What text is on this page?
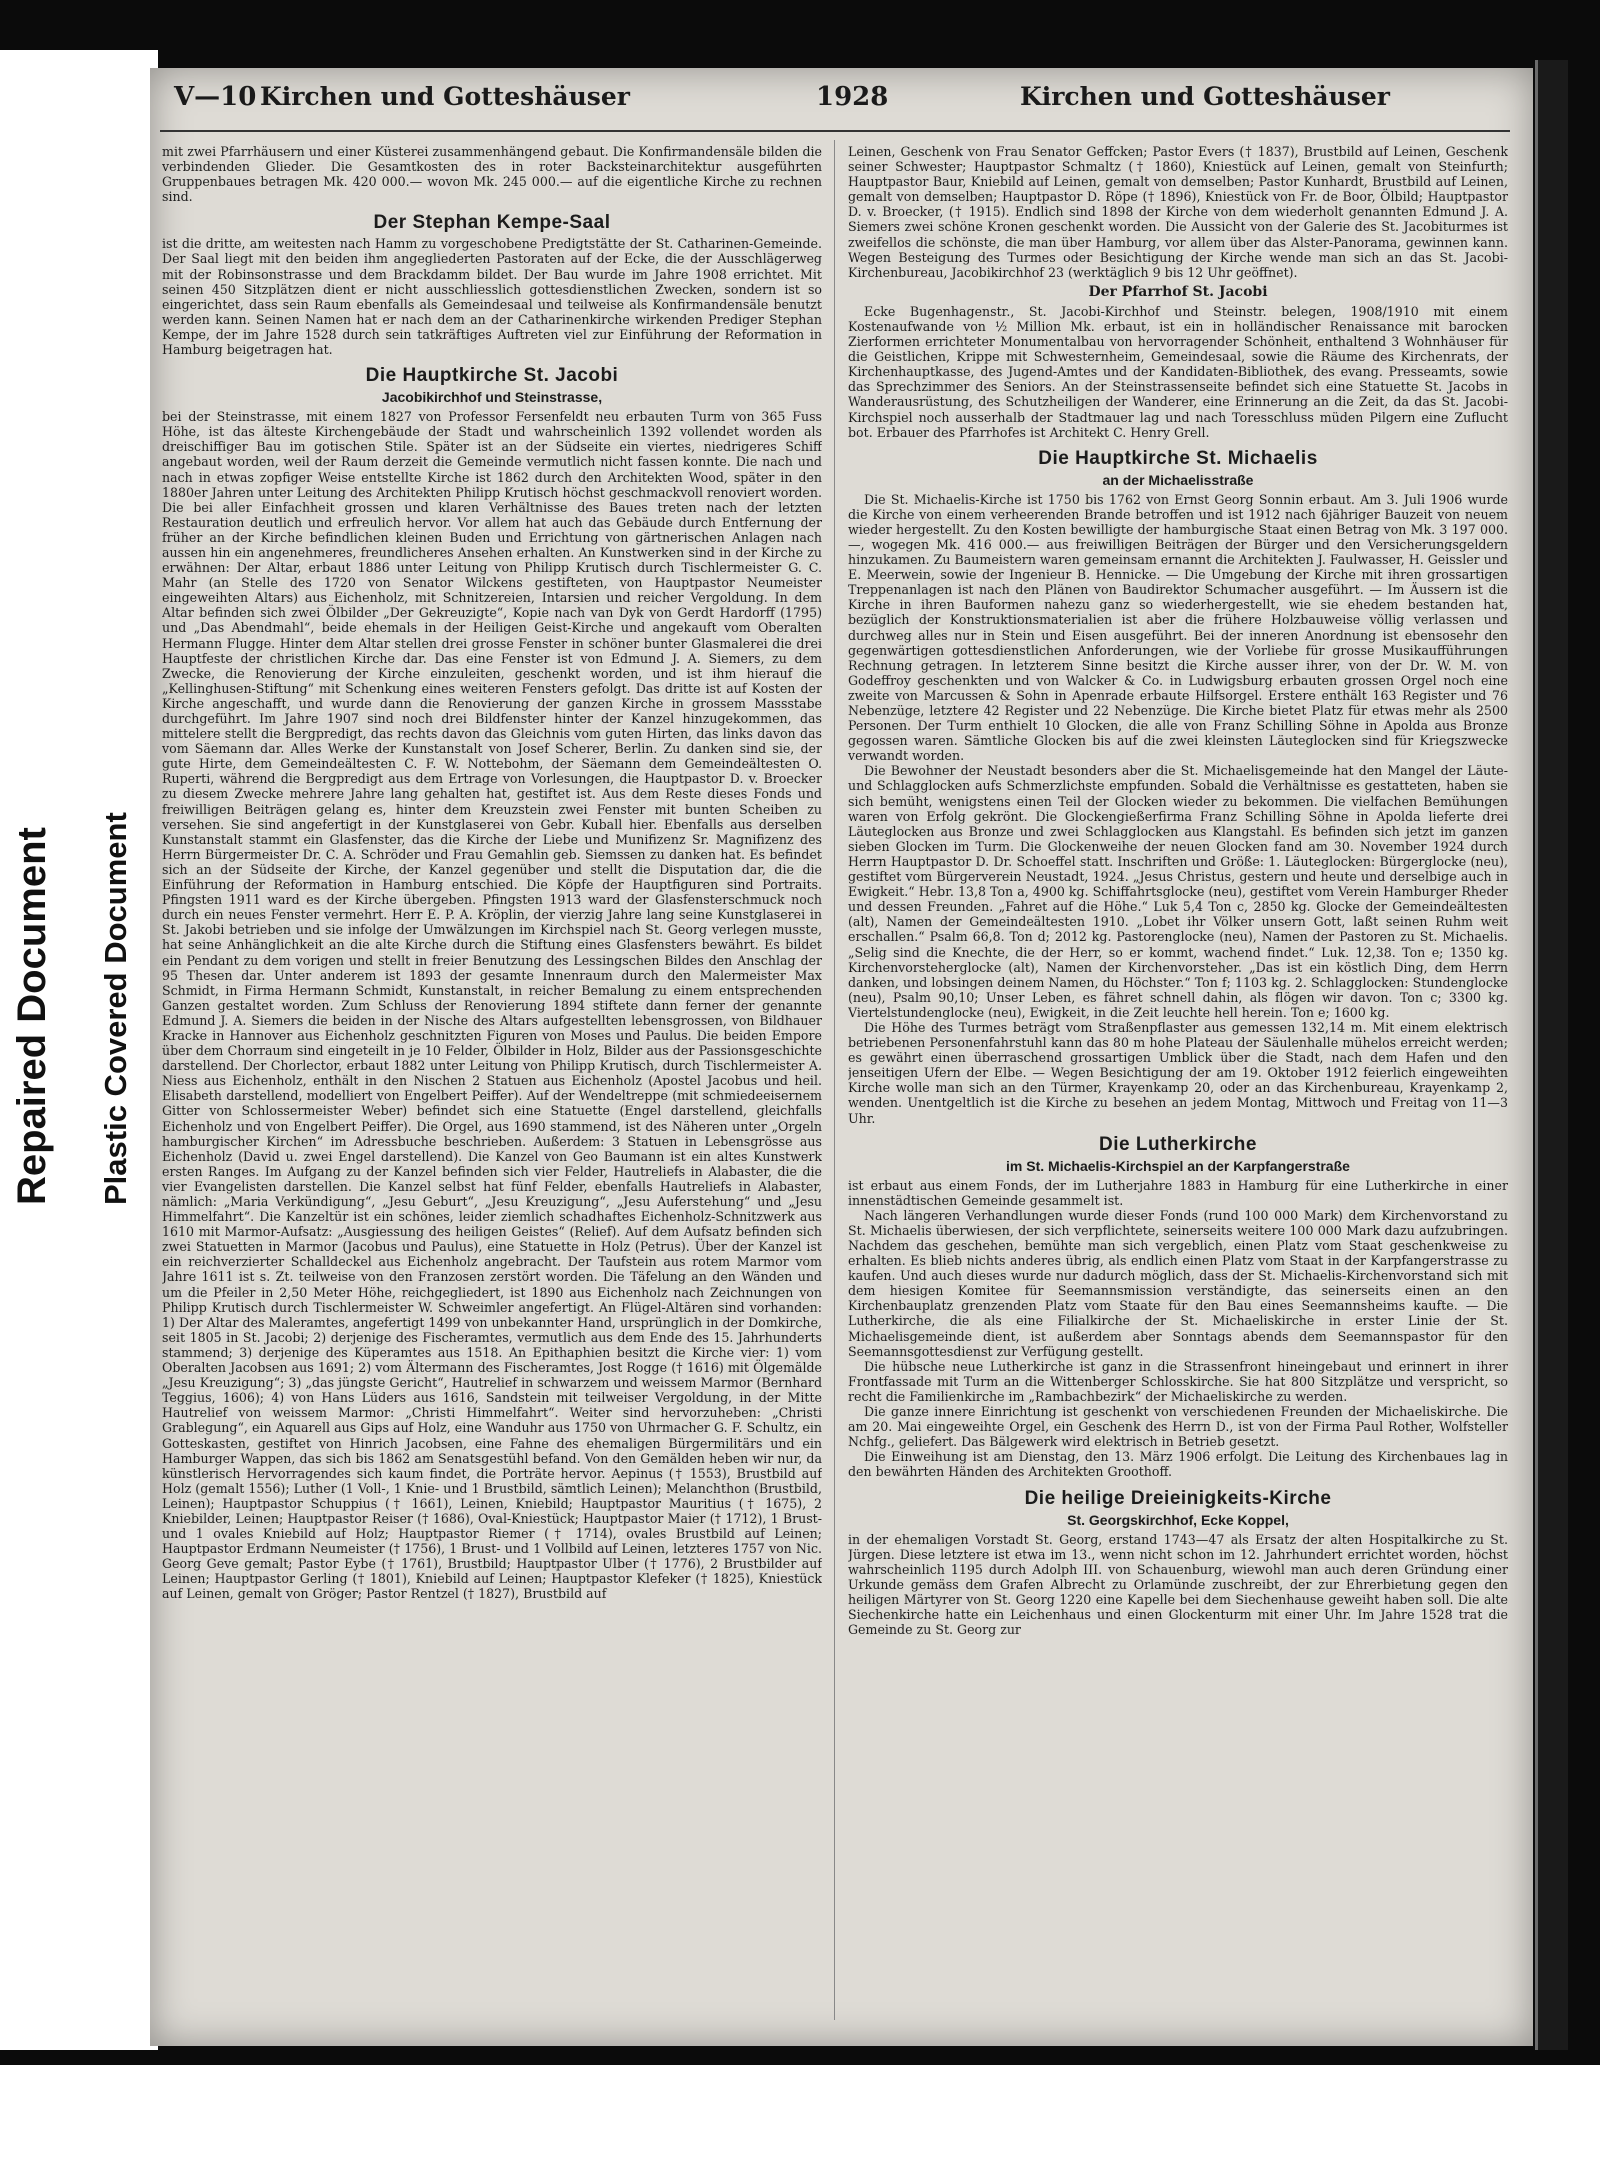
Repaired Document Plastic Covered Document
V—10 Kirchen und Gotteshäuser	1928	Kirchen und Gotteshäuser

mit zwei Pfarrhäusern und einer Küsterei zusammenhängend gebaut. Die Konfirmandensäle bilden die verbindenden Glieder. Die Gesamtkosten des in roter Backsteinarchitektur ausgeführten Gruppenbaues betragen Mk. 420 000.— wovon Mk. 245 000.— auf die eigentliche Kirche zu rechnen sind.

Der Stephan Kempe-Saal

ist die dritte, am weitesten nach Hamm zu vorgeschobene Predigtstätte der St. Catharinen-Gemeinde. Der Saal liegt mit den beiden ihm angegliederten Pastoraten auf der Ecke, die der Ausschlägerweg mit der Robinsonstrasse und dem Brackdamm bildet. Der Bau wurde im Jahre 1908 errichtet. Mit seinen 450 Sitzplätzen dient er nicht ausschliesslich gottesdienstlichen Zwecken, sondern ist so eingerichtet, dass sein Raum ebenfalls als Gemeindesaal und teilweise als Konfirmandensäle benutzt werden kann. Seinen Namen hat er nach dem an der Catharinenkirche wirkenden Prediger Stephan Kempe, der im Jahre 1528 durch sein tatkräftiges Auftreten viel zur Einführung der Reformation in Hamburg beigetragen hat.

Die Hauptkirche St. Jacobi
Jacobikirchhof und Steinstrasse,

bei der Steinstrasse, mit einem 1827 von Professor Fersenfeldt neu erbauten Turm von 365 Fuss Höhe, ist das älteste Kirchengebäude der Stadt und wahrscheinlich 1392 vollendet worden als dreischiffiger Bau im gotischen Stile. Später ist an der Südseite ein viertes, niedrigeres Schiff angebaut worden, weil der Raum derzeit die Gemeinde vermutlich nicht fassen konnte. Die nach und nach in etwas zopfiger Weise entstellte Kirche ist 1862 durch den Architekten Wood, später in den 1880er Jahren unter Leitung des Architekten Philipp Krutisch höchst geschmackvoll renoviert worden. Die bei aller Einfachheit grossen und klaren Verhältnisse des Baues treten nach der letzten Restauration deutlich und erfreulich hervor. Vor allem hat auch das Gebäude durch Entfernung der früher an der Kirche befindlichen kleinen Buden und Errichtung von gärtnerischen Anlagen nach aussen hin ein angenehmeres, freundlicheres Ansehen erhalten. An Kunstwerken sind in der Kirche zu erwähnen: Der Altar, erbaut 1886 unter Leitung von Philipp Krutisch durch Tischlermeister G. C. Mahr (an Stelle des 1720 von Senator Wilckens gestifteten, von Hauptpastor Neumeister eingeweihten Altars) aus Eichenholz, mit Schnitzereien, Intarsien und reicher Vergoldung. In dem Altar befinden sich zwei Ölbilder „Der Gekreuzigte“, Kopie nach van Dyk von Gerdt Hardorff (1795) und „Das Abendmahl“, beide ehemals in der Heiligen Geist-Kirche und angekauft vom Oberalten Hermann Flugge. Hinter dem Altar stellen drei grosse Fenster in schöner bunter Glasmalerei die drei Hauptfeste der christlichen Kirche dar. Das eine Fenster ist von Edmund J. A. Siemers, zu dem Zwecke, die Renovierung der Kirche einzuleiten, geschenkt worden, und ist ihm hierauf die „Kellinghusen-Stiftung“ mit Schenkung eines weiteren Fensters gefolgt. Das dritte ist auf Kosten der Kirche angeschafft, und wurde dann die Renovierung der ganzen Kirche in grossem Massstabe durchgeführt. Im Jahre 1907 sind noch drei Bildfenster hinter der Kanzel hinzugekommen, das mittelere stellt die Bergpredigt, das rechts davon das Gleichnis vom guten Hirten, das links davon das vom Säemann dar. Alles Werke der Kunstanstalt von Josef Scherer, Berlin. Zu danken sind sie, der gute Hirte, dem Gemeindeältesten C. F. W. Nottebohm, der Säemann dem Gemeindeältesten O. Ruperti, während die Bergpredigt aus dem Ertrage von Vorlesungen, die Hauptpastor D. v. Broecker zu diesem Zwecke mehrere Jahre lang gehalten hat, gestiftet ist. Aus dem Reste dieses Fonds und freiwilligen Beiträgen gelang es, hinter dem Kreuzstein zwei Fenster mit bunten Scheiben zu versehen. Sie sind angefertigt in der Kunstglaserei von Gebr. Kuball hier. Ebenfalls aus derselben Kunstanstalt stammt ein Glasfenster, das die Kirche der Liebe und Munifizenz Sr. Magnifizenz des Herrn Bürgermeister Dr. C. A. Schröder und Frau Gemahlin geb. Siemssen zu danken hat. Es befindet sich an der Südseite der Kirche, der Kanzel gegenüber und stellt die Disputation dar, die die Einführung der Reformation in Hamburg entschied. Die Köpfe der Hauptfiguren sind Portraits. Pfingsten 1911 ward es der Kirche übergeben. Pfingsten 1913 ward der Glasfensterschmuck noch durch ein neues Fenster vermehrt. Herr E. P. A. Kröplin, der vierzig Jahre lang seine Kunstglaserei in St. Jakobi betrieben und sie infolge der Umwälzungen im Kirchspiel nach St. Georg verlegen musste, hat seine Anhänglichkeit an die alte Kirche durch die Stiftung eines Glasfensters bewährt. Es bildet ein Pendant zu dem vorigen und stellt in freier Benutzung des Lessingschen Bildes den Anschlag der 95 Thesen dar. Unter anderem ist 1893 der gesamte Innenraum durch den Malermeister Max Schmidt, in Firma Hermann Schmidt, Kunstanstalt, in reicher Bemalung zu einem entsprechenden Ganzen gestaltet worden. Zum Schluss der Renovierung 1894 stiftete dann ferner der genannte Edmund J. A. Siemers die beiden in der Nische des Altars aufgestellten lebensgrossen, von Bildhauer Kracke in Hannover aus Eichenholz geschnitzten Figuren von Moses und Paulus. Die beiden Empore über dem Chorraum sind eingeteilt in je 10 Felder, Ölbilder in Holz, Bilder aus der Passionsgeschichte darstellend. Der Chorlector, erbaut 1882 unter Leitung von Philipp Krutisch, durch Tischlermeister A. Niess aus Eichenholz, enthält in den Nischen 2 Statuen aus Eichenholz (Apostel Jacobus und heil. Elisabeth darstellend, modelliert von Engelbert Peiffer). Auf der Wendeltreppe (mit schmiedeeisernem Gitter von Schlossermeister Weber) befindet sich eine Statuette (Engel darstellend, gleichfalls Eichenholz und von Engelbert Peiffer). Die Orgel, aus 1690 stammend, ist des Näheren unter „Orgeln hamburgischer Kirchen“ im Adressbuche beschrieben. Außerdem: 3 Statuen in Lebensgrösse aus Eichenholz (David u. zwei Engel darstellend). Die Kanzel von Geo Baumann ist ein altes Kunstwerk ersten Ranges. Im Aufgang zu der Kanzel befinden sich vier Felder, Hautreliefs in Alabaster, die die vier Evangelisten darstellen. Die Kanzel selbst hat fünf Felder, ebenfalls Hautreliefs in Alabaster, nämlich: „Maria Verkündigung“, „Jesu Geburt“, „Jesu Kreuzigung“, „Jesu Auferstehung“ und „Jesu Himmelfahrt“. Die Kanzeltür ist ein schönes, leider ziemlich schadhaftes Eichenholz-Schnitzwerk aus 1610 mit Marmor-Aufsatz: „Ausgiessung des heiligen Geistes“ (Relief). Auf dem Aufsatz befinden sich zwei Statuetten in Marmor (Jacobus und Paulus), eine Statuette in Holz (Petrus). Über der Kanzel ist ein reichverzierter Schalldeckel aus Eichenholz angebracht. Der Taufstein aus rotem Marmor vom Jahre 1611 ist s. Zt. teilweise von den Franzosen zerstört worden. Die Täfelung an den Wänden und um die Pfeiler in 2,50 Meter Höhe, reichgegliedert, ist 1890 aus Eichenholz nach Zeichnungen von Philipp Krutisch durch Tischlermeister W. Schweimler angefertigt. An Flügel-Altären sind vorhanden: 1) Der Altar des Maleramtes, angefertigt 1499 von unbekannter Hand, ursprünglich in der Domkirche, seit 1805 in St. Jacobi; 2) derjenige des Fischeramtes, vermutlich aus dem Ende des 15. Jahrhunderts stammend; 3) derjenige des Küperamtes aus 1518. An Epithaphien besitzt die Kirche vier: 1) vom Oberalten Jacobsen aus 1691; 2) vom Ältermann des Fischeramtes, Jost Rogge († 1616) mit Ölgemälde „Jesu Kreuzigung“; 3) „das jüngste Gericht“, Hautrelief in schwarzem und weissem Marmor (Bernhard Teggius, 1606); 4) von Hans Lüders aus 1616, Sandstein mit teilweiser Vergoldung, in der Mitte Hautrelief von weissem Marmor: „Christi Himmelfahrt“. Weiter sind hervorzuheben: „Christi Grablegung“, ein Aquarell aus Gips auf Holz, eine Wanduhr aus 1750 von Uhrmacher G. F. Schultz, ein Gotteskasten, gestiftet von Hinrich Jacobsen, eine Fahne des ehemaligen Bürgermilitärs und ein Hamburger Wappen, das sich bis 1862 am Senatsgestühl befand. Von den Gemälden heben wir nur, da künstlerisch Hervorragendes sich kaum findet, die Porträte hervor. Aepinus († 1553), Brustbild auf Holz (gemalt 1556); Luther (1 Voll-, 1 Knie- und 1 Brustbild, sämtlich Leinen); Melanchthon (Brustbild, Leinen); Hauptpastor Schuppius († 1661), Leinen, Kniebild; Hauptpastor Mauritius († 1675), 2 Kniebilder, Leinen; Hauptpastor Reiser († 1686), Oval-Kniestück; Hauptpastor Maier († 1712), 1 Brust- und 1 ovales Kniebild auf Holz; Hauptpastor Riemer († 1714), ovales Brustbild auf Leinen; Hauptpastor Erdmann Neumeister († 1756), 1 Brust- und 1 Vollbild auf Leinen, letzteres 1757 von Nic. Georg Geve gemalt; Pastor Eybe († 1761), Brustbild; Hauptpastor Ulber († 1776), 2 Brustbilder auf Leinen; Hauptpastor Gerling († 1801), Kniebild auf Leinen; Hauptpastor Klefeker († 1825), Kniestück auf Leinen, gemalt von Gröger; Pastor Rentzel († 1827), Brustbild auf

Leinen, Geschenk von Frau Senator Geffcken; Pastor Evers († 1837), Brustbild auf Leinen, Geschenk seiner Schwester; Hauptpastor Schmaltz († 1860), Kniestück auf Leinen, gemalt von Steinfurth; Hauptpastor Baur, Kniebild auf Leinen, gemalt von demselben; Pastor Kunhardt, Brustbild auf Leinen, gemalt von demselben; Hauptpastor D. Röpe († 1896), Kniestück von Fr. de Boor, Ölbild; Hauptpastor D. v. Broecker, († 1915). Endlich sind 1898 der Kirche von dem wiederholt genannten Edmund J. A. Siemers zwei schöne Kronen geschenkt worden. Die Aussicht von der Galerie des St. Jacobiturmes ist zweifellos die schönste, die man über Hamburg, vor allem über das Alster-Panorama, gewinnen kann. Wegen Besteigung des Turmes oder Besichtigung der Kirche wende man sich an das St. Jacobi-Kirchenbureau, Jacobikirchhof 23 (werktäglich 9 bis 12 Uhr geöffnet).

Der Pfarrhof St. Jacobi

Ecke Bugenhagenstr., St. Jacobi-Kirchhof und Steinstr. belegen, 1908/1910 mit einem Kostenaufwande von ½ Million Mk. erbaut, ist ein in holländischer Renaissance mit barocken Zierformen errichteter Monumentalbau von hervorragender Schönheit, enthaltend 3 Wohnhäuser für die Geistlichen, Krippe mit Schwesternheim, Gemeindesaal, sowie die Räume des Kirchenrats, der Kirchenhauptkasse, des Jugend-Amtes und der Kandidaten-Bibliothek, des evang. Presseamts, sowie das Sprechzimmer des Seniors. An der Steinstrassenseite befindet sich eine Statuette St. Jacobs in Wanderausrüstung, des Schutzheiligen der Wanderer, eine Erinnerung an die Zeit, da das St. Jacobi-Kirchspiel noch ausserhalb der Stadtmauer lag und nach Toresschluss müden Pilgern eine Zuflucht bot. Erbauer des Pfarrhofes ist Architekt C. Henry Grell.

Die Hauptkirche St. Michaelis
an der Michaelisstraße

Die St. Michaelis-Kirche ist 1750 bis 1762 von Ernst Georg Sonnin erbaut. Am 3. Juli 1906 wurde die Kirche von einem verheerenden Brande betroffen und ist 1912 nach 6jähriger Bauzeit von neuem wieder hergestellt. Zu den Kosten bewilligte der hamburgische Staat einen Betrag von Mk. 3 197 000.—, wogegen Mk. 416 000.— aus freiwilligen Beiträgen der Bürger und den Versicherungsgeldern hinzukamen. Zu Baumeistern waren gemeinsam ernannt die Architekten J. Faulwasser, H. Geissler und E. Meerwein, sowie der Ingenieur B. Hennicke. — Die Umgebung der Kirche mit ihren grossartigen Treppenanlagen ist nach den Plänen von Baudirektor Schumacher ausgeführt. — Im Äussern ist die Kirche in ihren Bauformen nahezu ganz so wiederhergestellt, wie sie ehedem bestanden hat, bezüglich der Konstruktionsmaterialien ist aber die frühere Holzbauweise völlig verlassen und durchweg alles nur in Stein und Eisen ausgeführt. Bei der inneren Anordnung ist ebensosehr den gegenwärtigen gottesdienstlichen Anforderungen, wie der Vorliebe für grosse Musikaufführungen Rechnung getragen. In letzterem Sinne besitzt die Kirche ausser ihrer, von der Dr. W. M. von Godeffroy geschenkten und von Walcker & Co. in Ludwigsburg erbauten grossen Orgel noch eine zweite von Marcussen & Sohn in Apenrade erbaute Hilfsorgel. Erstere enthält 163 Register und 76 Nebenzüge, letztere 42 Register und 22 Nebenzüge. Die Kirche bietet Platz für etwas mehr als 2500 Personen. Der Turm enthielt 10 Glocken, die alle von Franz Schilling Söhne in Apolda aus Bronze gegossen waren. Sämtliche Glocken bis auf die zwei kleinsten Läuteglocken sind für Kriegszwecke verwandt worden.

Die Bewohner der Neustadt besonders aber die St. Michaelisgemeinde hat den Mangel der Läute- und Schlagglocken aufs Schmerzlichste empfunden. Sobald die Verhältnisse es gestatteten, haben sie sich bemüht, wenigstens einen Teil der Glocken wieder zu bekommen. Die vielfachen Bemühungen waren von Erfolg gekrönt. Die Glockengießerfirma Franz Schilling Söhne in Apolda lieferte drei Läuteglocken aus Bronze und zwei Schlagglocken aus Klangstahl. Es befinden sich jetzt im ganzen sieben Glocken im Turm. Die Glockenweihe der neuen Glocken fand am 30. November 1924 durch Herrn Hauptpastor D. Dr. Schoeffel statt. Inschriften und Größe: 1. Läuteglocken: Bürgerglocke (neu), gestiftet vom Bürgerverein Neustadt, 1924. „Jesus Christus, gestern und heute und derselbige auch in Ewigkeit.“ Hebr. 13,8 Ton a, 4900 kg. Schiffahrtsglocke (neu), gestiftet vom Verein Hamburger Rheder und dessen Freunden. „Fahret auf die Höhe.“ Luk 5,4 Ton c, 2850 kg. Glocke der Gemeindeältesten (alt), Namen der Gemeindeältesten 1910. „Lobet ihr Völker unsern Gott, laßt seinen Ruhm weit erschallen.“ Psalm 66,8. Ton d; 2012 kg. Pastorenglocke (neu), Namen der Pastoren zu St. Michaelis. „Selig sind die Knechte, die der Herr, so er kommt, wachend findet.“ Luk. 12,38. Ton e; 1350 kg. Kirchenvorsteherglocke (alt), Namen der Kirchenvorsteher. „Das ist ein köstlich Ding, dem Herrn danken, und lobsingen deinem Namen, du Höchster.“ Ton f; 1103 kg. 2. Schlagglocken: Stundenglocke (neu), Psalm 90,10; Unser Leben, es fähret schnell dahin, als flögen wir davon. Ton c; 3300 kg. Viertelstundenglocke (neu), Ewigkeit, in die Zeit leuchte hell herein. Ton e; 1600 kg.

Die Höhe des Turmes beträgt vom Straßenpflaster aus gemessen 132,14 m. Mit einem elektrisch betriebenen Personenfahrstuhl kann das 80 m hohe Plateau der Säulenhalle mühelos erreicht werden; es gewährt einen überraschend grossartigen Umblick über die Stadt, nach dem Hafen und den jenseitigen Ufern der Elbe. — Wegen Besichtigung der am 19. Oktober 1912 feierlich eingeweihten Kirche wolle man sich an den Türmer, Krayenkamp 20, oder an das Kirchenbureau, Krayenkamp 2, wenden. Unentgeltlich ist die Kirche zu besehen an jedem Montag, Mittwoch und Freitag von 11—3 Uhr.

Die Lutherkirche
im St. Michaelis-Kirchspiel an der Karpfangerstraße

ist erbaut aus einem Fonds, der im Lutherjahre 1883 in Hamburg für eine Lutherkirche in einer innenstädtischen Gemeinde gesammelt ist.

Nach längeren Verhandlungen wurde dieser Fonds (rund 100 000 Mark) dem Kirchenvorstand zu St. Michaelis überwiesen, der sich verpflichtete, seinerseits weitere 100 000 Mark dazu aufzubringen. Nachdem das geschehen, bemühte man sich vergeblich, einen Platz vom Staat geschenkweise zu erhalten. Es blieb nichts anderes übrig, als endlich einen Platz vom Staat in der Karpfangerstrasse zu kaufen. Und auch dieses wurde nur dadurch möglich, dass der St. Michaelis-Kirchenvorstand sich mit dem hiesigen Komitee für Seemannsmission verständigte, das seinerseits einen an den Kirchenbauplatz grenzenden Platz vom Staate für den Bau eines Seemannsheims kaufte. — Die Lutherkirche, die als eine Filialkirche der St. Michaeliskirche in erster Linie der St. Michaelisgemeinde dient, ist außerdem aber Sonntags abends dem Seemannspastor für den Seemannsgottesdienst zur Verfügung gestellt.

Die hübsche neue Lutherkirche ist ganz in die Strassenfront hineingebaut und erinnert in ihrer Frontfassade mit Turm an die Wittenberger Schlosskirche. Sie hat 800 Sitzplätze und verspricht, so recht die Familienkirche im „Rambachbezirk“ der Michaeliskirche zu werden.

Die ganze innere Einrichtung ist geschenkt von verschiedenen Freunden der Michaeliskirche. Die am 20. Mai eingeweihte Orgel, ein Geschenk des Herrn D., ist von der Firma Paul Rother, Wolfsteller Nchfg., geliefert. Das Bälgewerk wird elektrisch in Betrieb gesetzt.

Die Einweihung ist am Dienstag, den 13. März 1906 erfolgt. Die Leitung des Kirchenbaues lag in den bewährten Händen des Architekten Groothoff.

Die heilige Dreieinigkeits-Kirche
St. Georgskirchhof, Ecke Koppel,

in der ehemaligen Vorstadt St. Georg, erstand 1743—47 als Ersatz der alten Hospitalkirche zu St. Jürgen. Diese letztere ist etwa im 13., wenn nicht schon im 12. Jahrhundert errichtet worden, höchst wahrscheinlich 1195 durch Adolph III. von Schauenburg, wiewohl man auch deren Gründung einer Urkunde gemäss dem Grafen Albrecht zu Orlamünde zuschreibt, der zur Ehrerbietung gegen den heiligen Märtyrer von St. Georg 1220 eine Kapelle bei dem Siechenhause geweiht haben soll. Die alte Siechenkirche hatte ein Leichenhaus und einen Glockenturm mit einer Uhr. Im Jahre 1528 trat die Gemeinde zu St. Georg zur
